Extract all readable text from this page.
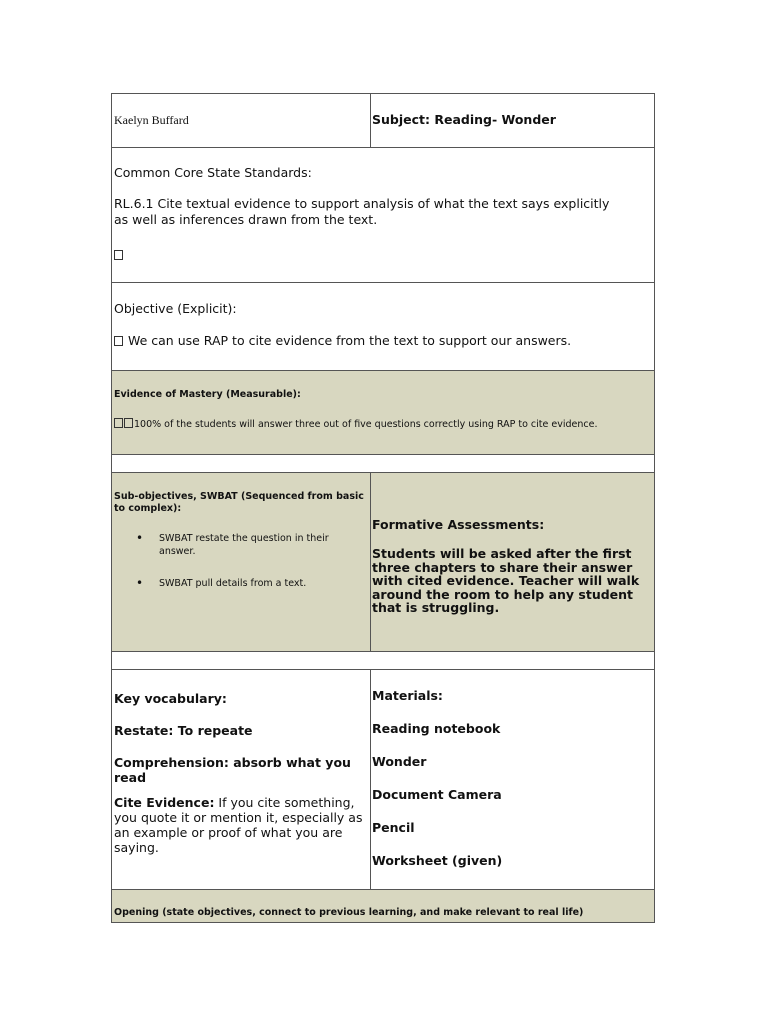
Kaelyn Buffard	Subject: Reading- Wonder

Common Core State Standards:

RL.6.1 Cite textual evidence to support analysis of what the text says explicitly as well as inferences drawn from the text.

Objective (Explicit):

We can use RAP to cite evidence from the text to support our answers.

Evidence of Mastery (Measurable):

100% of the students will answer three out of five questions correctly using RAP to cite evidence.

Sub-objectives, SWBAT (Sequenced from basic to complex):

• SWBAT restate the question in their answer.
• SWBAT pull details from a text.

Formative Assessments:

Students will be asked after the first three chapters to share their answer with cited evidence. Teacher will walk around the room to help any student that is struggling.

Key vocabulary:

Restate: To repeate

Comprehension: absorb what you read

Cite Evidence: If you cite something, you quote it or mention it, especially as an example or proof of what you are saying.

Materials:

Reading notebook

Wonder

Document Camera

Pencil

Worksheet (given)

Opening (state objectives, connect to previous learning, and make relevant to real life)
